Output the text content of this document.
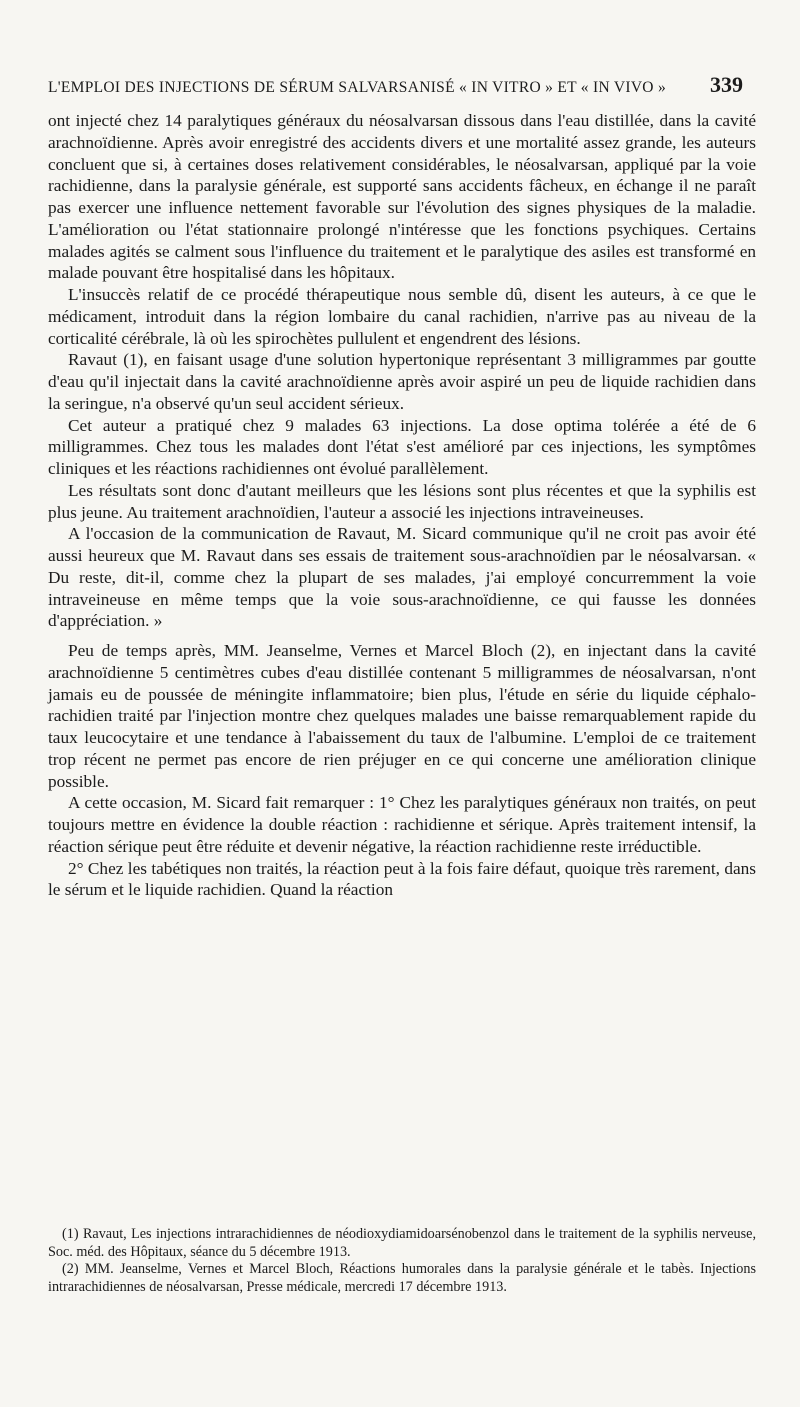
L'EMPLOI DES INJECTIONS DE SÉRUM SALVARSANISÉ « IN VITRO » ET « IN VIVO » 339

ont injecté chez 14 paralytiques généraux du néosalvarsan dissous dans l'eau distillée, dans la cavité arachnoïdienne. Après avoir enregistré des accidents divers et une mortalité assez grande, les auteurs concluent que si, à certaines doses relativement considérables, le néosalvarsan, appliqué par la voie rachidienne, dans la paralysie générale, est supporté sans accidents fâcheux, en échange il ne paraît pas exercer une influence nettement favorable sur l'évolution des signes physiques de la maladie. L'amélioration ou l'état stationnaire prolongé n'intéresse que les fonctions psychiques. Certains malades agités se calment sous l'influence du traitement et le paralytique des asiles est transformé en malade pouvant être hospitalisé dans les hôpitaux.

L'insuccès relatif de ce procédé thérapeutique nous semble dû, disent les auteurs, à ce que le médicament, introduit dans la région lombaire du canal rachidien, n'arrive pas au niveau de la corticalité cérébrale, là où les spirochètes pullulent et engendrent des lésions.

Ravaut (1), en faisant usage d'une solution hypertonique représentant 3 milligrammes par goutte d'eau qu'il injectait dans la cavité arachnoïdienne après avoir aspiré un peu de liquide rachidien dans la seringue, n'a observé qu'un seul accident sérieux.

Cet auteur a pratiqué chez 9 malades 63 injections. La dose optima tolérée a été de 6 milligrammes. Chez tous les malades dont l'état s'est amélioré par ces injections, les symptômes cliniques et les réactions rachidiennes ont évolué parallèlement.

Les résultats sont donc d'autant meilleurs que les lésions sont plus récentes et que la syphilis est plus jeune. Au traitement arachnoïdien, l'auteur a associé les injections intraveineuses.

A l'occasion de la communication de Ravaut, M. Sicard communique qu'il ne croit pas avoir été aussi heureux que M. Ravaut dans ses essais de traitement sous-arachnoïdien par le néosalvarsan. « Du reste, dit-il, comme chez la plupart de ses malades, j'ai employé concurremment la voie intraveineuse en même temps que la voie sous-arachnoïdienne, ce qui fausse les données d'appréciation. »

Peu de temps après, MM. Jeanselme, Vernes et Marcel Bloch (2), en injectant dans la cavité arachnoïdienne 5 centimètres cubes d'eau distillée contenant 5 milligrammes de néosalvarsan, n'ont jamais eu de poussée de méningite inflammatoire; bien plus, l'étude en série du liquide céphalo-rachidien traité par l'injection montre chez quelques malades une baisse remarquablement rapide du taux leucocytaire et une tendance à l'abaissement du taux de l'albumine. L'emploi de ce traitement trop récent ne permet pas encore de rien préjuger en ce qui concerne une amélioration clinique possible.

A cette occasion, M. Sicard fait remarquer : 1° Chez les paralytiques généraux non traités, on peut toujours mettre en évidence la double réaction : rachidienne et sérique. Après traitement intensif, la réaction sérique peut être réduite et devenir négative, la réaction rachidienne reste irréductible.

2° Chez les tabétiques non traités, la réaction peut à la fois faire défaut, quoique très rarement, dans le sérum et le liquide rachidien. Quand la réaction

(1) Ravaut, Les injections intrarachidiennes de néodioxydiamidoarsénobenzol dans le traitement de la syphilis nerveuse, Soc. méd. des Hôpitaux, séance du 5 décembre 1913.

(2) MM. Jeanselme, Vernes et Marcel Bloch, Réactions humorales dans la paralysie générale et le tabès. Injections intrarachidiennes de néosalvarsan, Presse médicale, mercredi 17 décembre 1913.
